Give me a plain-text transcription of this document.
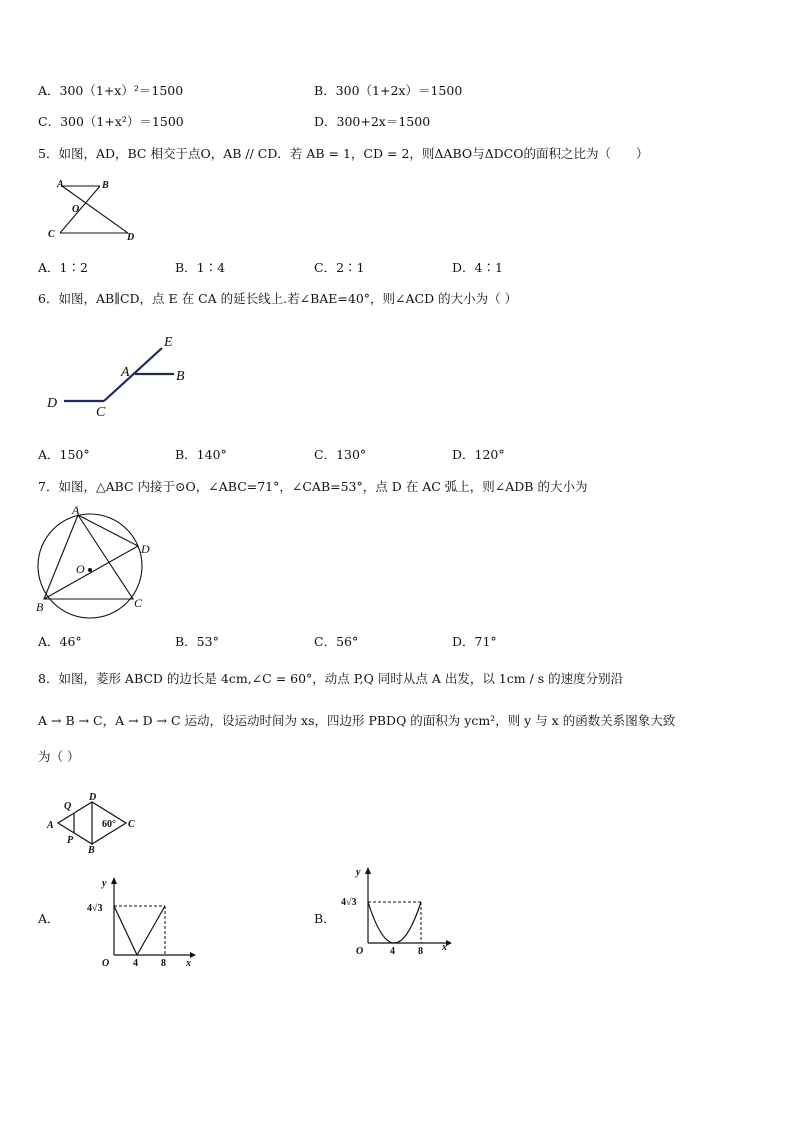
A．300（1+x）²＝1500	B．300（1+2x）＝1500
C．300（1+x²）＝1500	D．300+2x＝1500
5．如图，AD，BC 相交于点O，AB // CD．若 AB = 1，CD = 2，则ΔABO与ΔDCO的面积之比为（　　）
A	B
O
C	D
A．1∶2	B．1∶4	C．2∶1	D．4∶1
6．如图，AB∥CD，点 E 在 CA 的延长线上.若∠BAE=40°，则∠ACD 的大小为（ ）
E
A	B
D
C
A．150°	B．140°	C．130°	D．120°
7．如图，△ABC 内接于⊙O，∠ABC=71°，∠CAB=53°，点 D 在 AC 弧上，则∠ADB 的大小为
A
D
O
B	C
A．46°	B．53°	C．56°	D．71°
8．如图，菱形 ABCD 的边长是 4cm,∠C = 60°，动点 P,Q 同时从点 A 出发，以 1cm / s 的速度分别沿
A → B → C，A → D → C 运动，设运动时间为 xs，四边形 PBDQ 的面积为 ycm²，则 y 与 x 的函数关系图象大致
为（ ）
Q
D
A
P
B
C
60°
A．
y
x
O
4√3
4 8
B．
y
x
O
4√3
4 8
